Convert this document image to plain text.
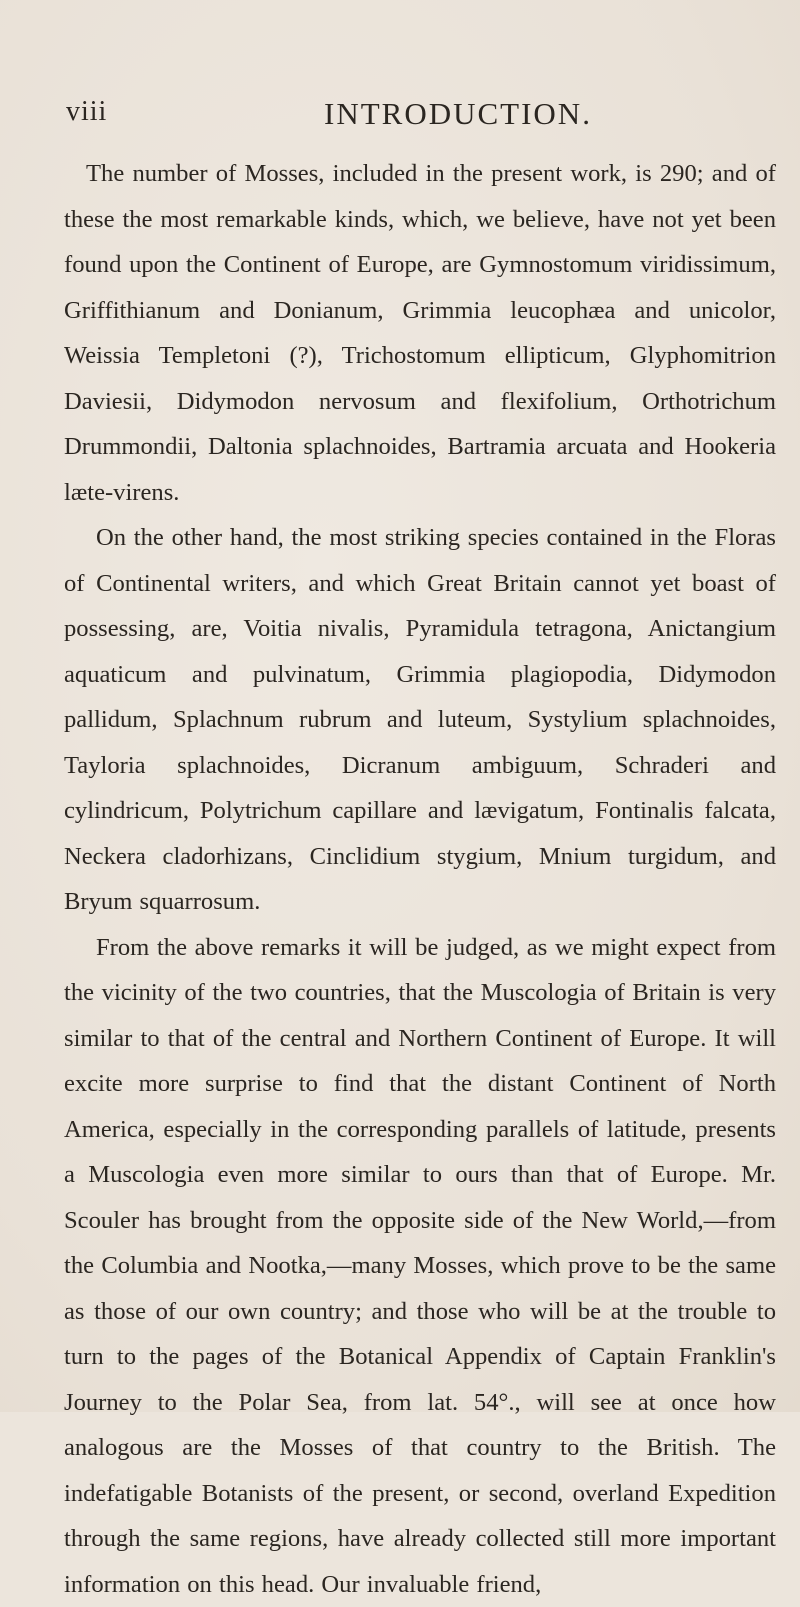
viii	INTRODUCTION.

The number of Mosses, included in the present work, is 290; and of these the most remarkable kinds, which, we believe, have not yet been found upon the Continent of Europe, are Gymnostomum viridissimum, Griffithianum and Donianum, Grimmia leucophæa and unicolor, Weissia Templetoni (?), Trichostomum ellipticum, Glyphomitrion Daviesii, Didymodon nervosum and flexifolium, Orthotrichum Drummondii, Daltonia splachnoides, Bartramia arcuata and Hookeria læte-virens.

On the other hand, the most striking species contained in the Floras of Continental writers, and which Great Britain cannot yet boast of possessing, are, Voitia nivalis, Pyramidula tetragona, Anictangium aquaticum and pulvinatum, Grimmia plagiopodia, Didymodon pallidum, Splachnum rubrum and luteum, Systylium splachnoides, Tayloria splachnoides, Dicranum ambiguum, Schraderi and cylindricum, Polytrichum capillare and lævigatum, Fontinalis falcata, Neckera cladorhizans, Cinclidium stygium, Mnium turgidum, and Bryum squarrosum.

From the above remarks it will be judged, as we might expect from the vicinity of the two countries, that the Muscologia of Britain is very similar to that of the central and Northern Continent of Europe. It will excite more surprise to find that the distant Continent of North America, especially in the corresponding parallels of latitude, presents a Muscologia even more similar to ours than that of Europe. Mr. Scouler has brought from the opposite side of the New World,—from the Columbia and Nootka,—many Mosses, which prove to be the same as those of our own country; and those who will be at the trouble to turn to the pages of the Botanical Appendix of Captain Franklin's Journey to the Polar Sea, from lat. 54°., will see at once how analogous are the Mosses of that country to the British. The indefatigable Botanists of the present, or second, overland Expedition through the same regions, have already collected still more important information on this head. Our invaluable friend,
